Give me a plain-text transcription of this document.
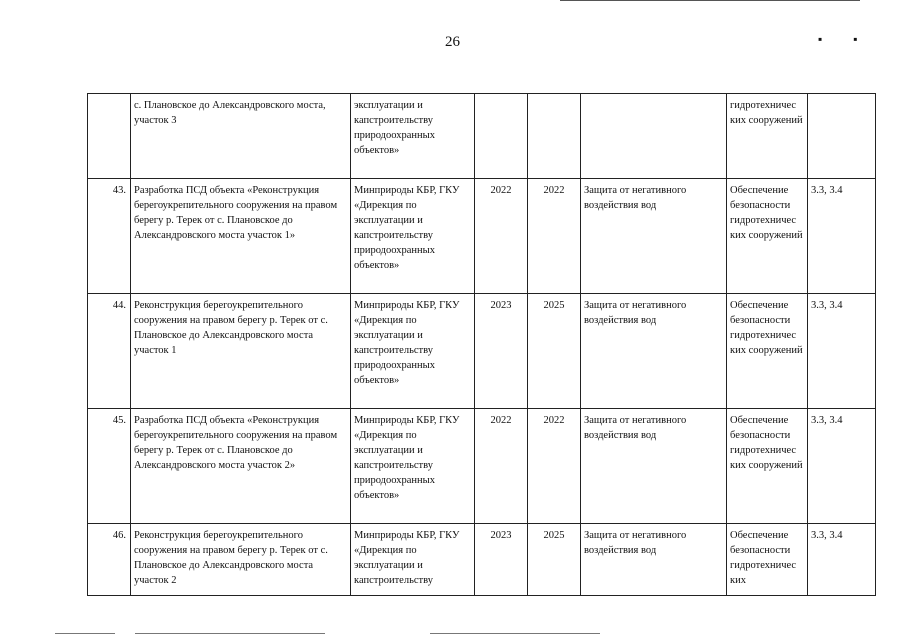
26	▪ ▪
	с. Плановское до Александровского моста, участок 3	эксплуатации и капстроительству природоохранных объектов»				гидротехничес ких сооружений	
43.	Разработка ПСД объекта «Реконструкция берегоукрепительного сооружения на правом берегу р. Терек от с. Плановское до Александровского моста участок 1»	Минприроды КБР, ГКУ «Дирекция по эксплуатации и капстроительству природоохранных объектов»	2022	2022	Защита от негативного воздействия вод	Обеспечение безопасности гидротехничес ких сооружений	3.3, 3.4
44.	Реконструкция берегоукрепительного сооружения на правом берегу р. Терек от с. Плановское до Александровского моста участок 1	Минприроды КБР, ГКУ «Дирекция по эксплуатации и капстроительству природоохранных объектов»	2023	2025	Защита от негативного воздействия вод	Обеспечение безопасности гидротехничес ких сооружений	3.3, 3.4
45.	Разработка ПСД объекта «Реконструкция берегоукрепительного сооружения на правом берегу р. Терек от с. Плановское до Александровского моста участок 2»	Минприроды КБР, ГКУ «Дирекция по эксплуатации и капстроительству природоохранных объектов»	2022	2022	Защита от негативного воздействия вод	Обеспечение безопасности гидротехничес ких сооружений	3.3, 3.4
46.	Реконструкция берегоукрепительного сооружения на правом берегу р. Терек от с. Плановское до Александровского моста участок 2	Минприроды КБР, ГКУ «Дирекция по эксплуатации и капстроительству	2023	2025	Защита от негативного воздействия вод	Обеспечение безопасности гидротехничес ких	3.3, 3.4
